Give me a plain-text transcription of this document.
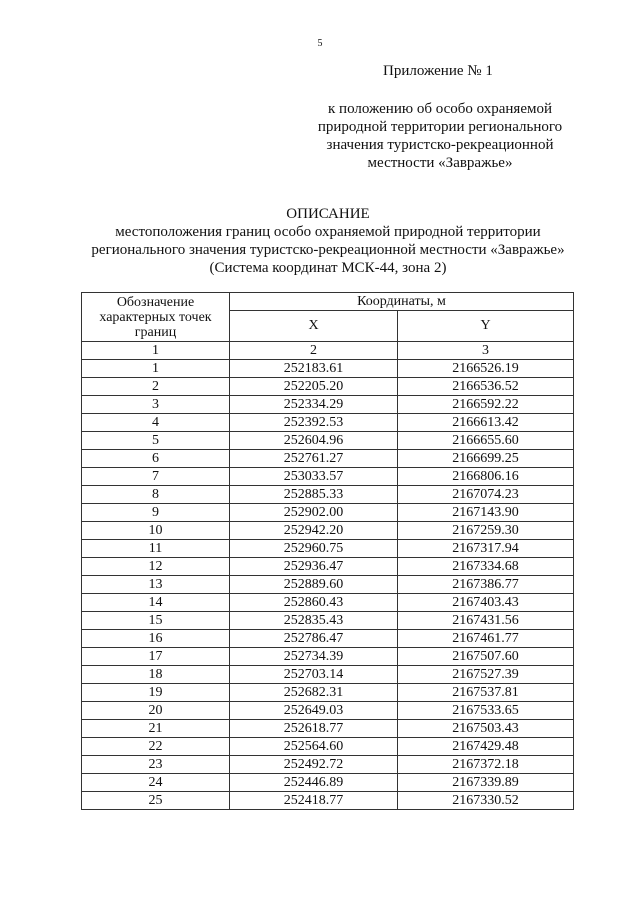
5
Приложение № 1
к положению об особо охраняемой
природной территории регионального
значения туристско-рекреационной
местности «Завражье»
ОПИСАНИЕ
местоположения границ особо охраняемой природной территории
регионального значения туристско-рекреационной местности «Завражье»
(Система координат МСК-44, зона 2)
Обозначение характерных точек границ	Координаты, м	
	X	Y
1	2	3
1	252183.61	2166526.19
2	252205.20	2166536.52
3	252334.29	2166592.22
4	252392.53	2166613.42
5	252604.96	2166655.60
6	252761.27	2166699.25
7	253033.57	2166806.16
8	252885.33	2167074.23
9	252902.00	2167143.90
10	252942.20	2167259.30
11	252960.75	2167317.94
12	252936.47	2167334.68
13	252889.60	2167386.77
14	252860.43	2167403.43
15	252835.43	2167431.56
16	252786.47	2167461.77
17	252734.39	2167507.60
18	252703.14	2167527.39
19	252682.31	2167537.81
20	252649.03	2167533.65
21	252618.77	2167503.43
22	252564.60	2167429.48
23	252492.72	2167372.18
24	252446.89	2167339.89
25	252418.77	2167330.52
